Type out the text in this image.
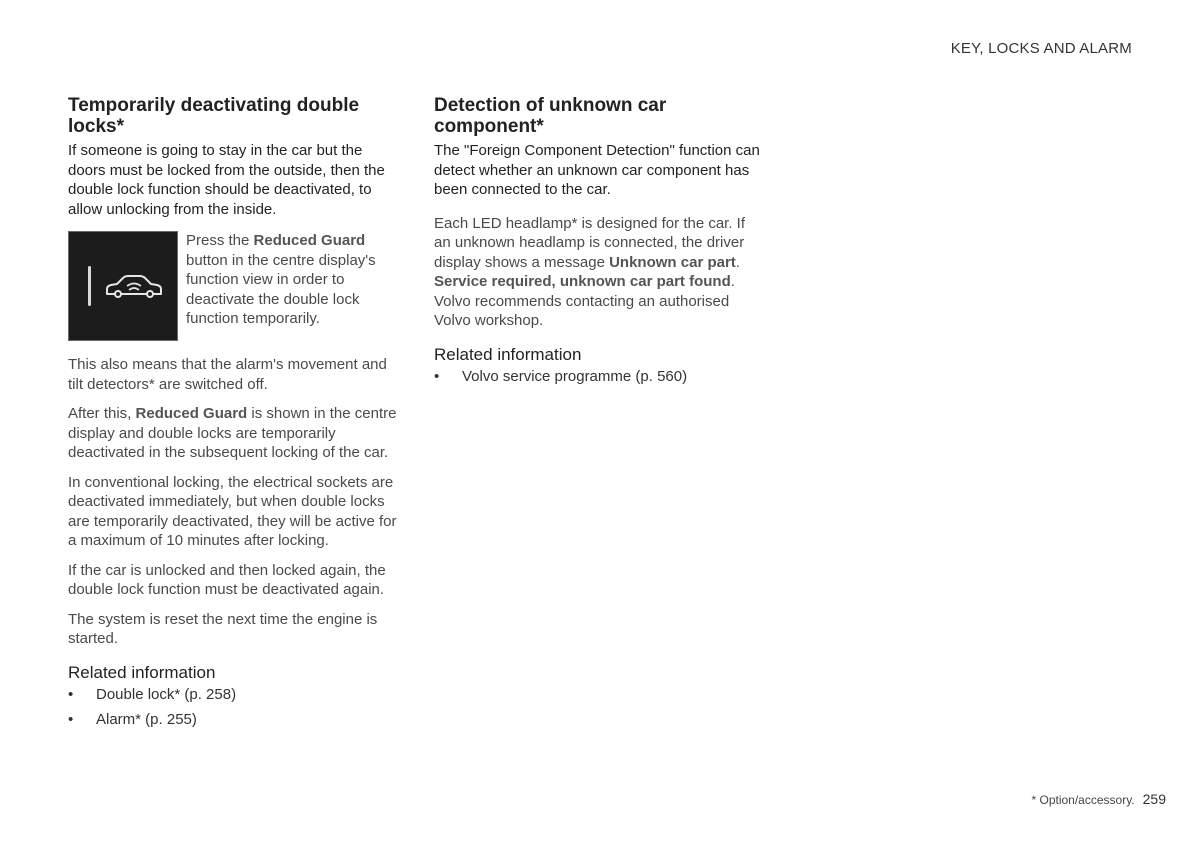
KEY, LOCKS AND ALARM
Temporarily deactivating double locks*

If someone is going to stay in the car but the doors must be locked from the outside, then the double lock function should be deactivated, to allow unlocking from the inside.

Press the Reduced Guard button in the centre display's function view in order to deactivate the double lock function temporarily.

This also means that the alarm's movement and tilt detectors* are switched off.

After this, Reduced Guard is shown in the centre display and double locks are temporarily deactivated in the subsequent locking of the car.

In conventional locking, the electrical sockets are deactivated immediately, but when double locks are temporarily deactivated, they will be active for a maximum of 10 minutes after locking.

If the car is unlocked and then locked again, the double lock function must be deactivated again.

The system is reset the next time the engine is started.

Related information
• Double lock* (p. 258)
• Alarm* (p. 255)
Detection of unknown car component*

The "Foreign Component Detection" function can detect whether an unknown car component has been connected to the car.

Each LED headlamp* is designed for the car. If an unknown headlamp is connected, the driver display shows a message Unknown car part. Service required, unknown car part found. Volvo recommends contacting an authorised Volvo workshop.

Related information
• Volvo service programme (p. 560)
* Option/accessory. 259
